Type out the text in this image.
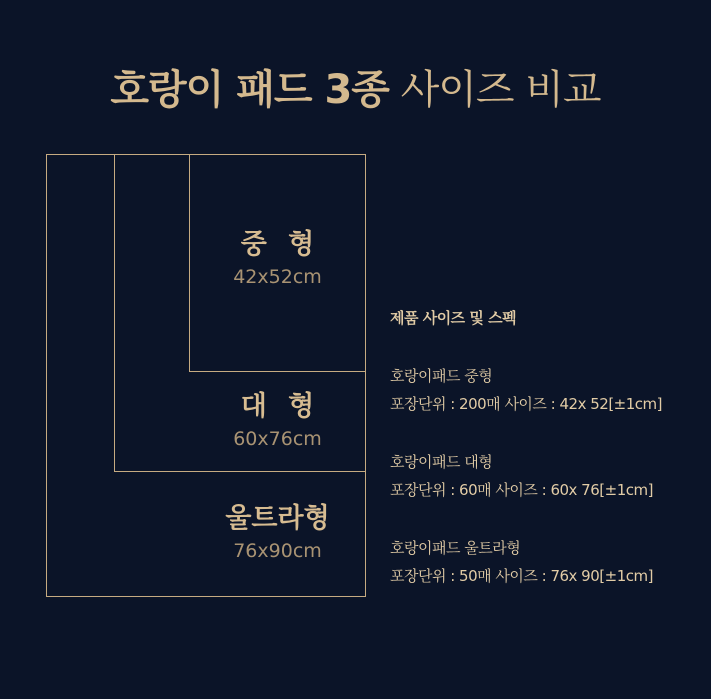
호랑이 패드 3종 사이즈 비교
중 형
42x52cm
대 형
60x76cm
울트라형
76x90cm
제품 사이즈 및 스펙
호랑이패드 중형
포장단위 : 200매 사이즈 : 42x 52[±1cm]
호랑이패드 대형
포장단위 : 60매 사이즈 : 60x 76[±1cm]
호랑이패드 울트라형
포장단위 : 50매 사이즈 : 76x 90[±1cm]
